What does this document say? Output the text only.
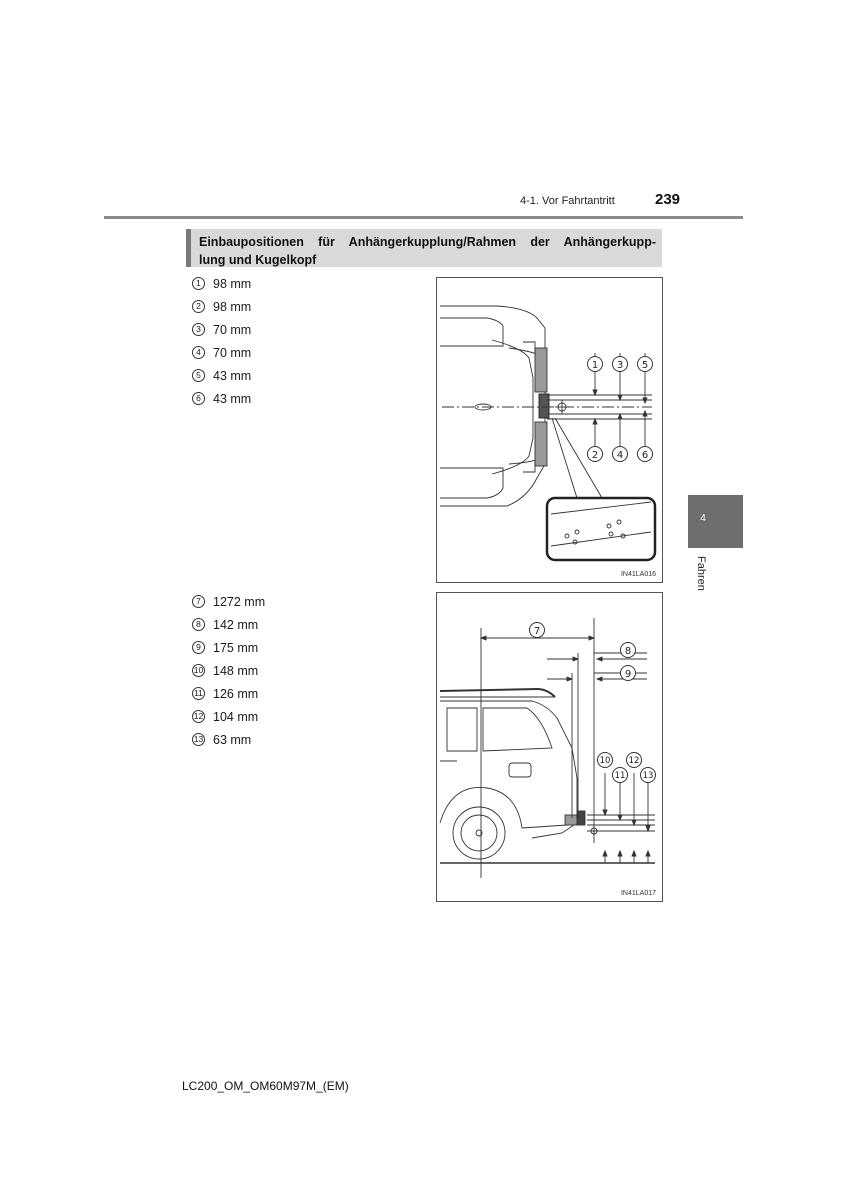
4-1. Vor Fahrtantritt	239
4
Fahren
Einbaupositionen für Anhängerkupplung/Rahmen der Anhängerkupp-
lung und Kugelkopf
1 98 mm
2 98 mm
3 70 mm
4 70 mm
5 43 mm
6 43 mm
7 1272 mm
8 142 mm
9 175 mm
10 148 mm
11 126 mm
12 104 mm
13 63 mm
1 3 5
2 4 6
IN41LA016
7
8
9
10 12
11 13
IN41LA017
LC200_OM_OM60M97M_(EM)
